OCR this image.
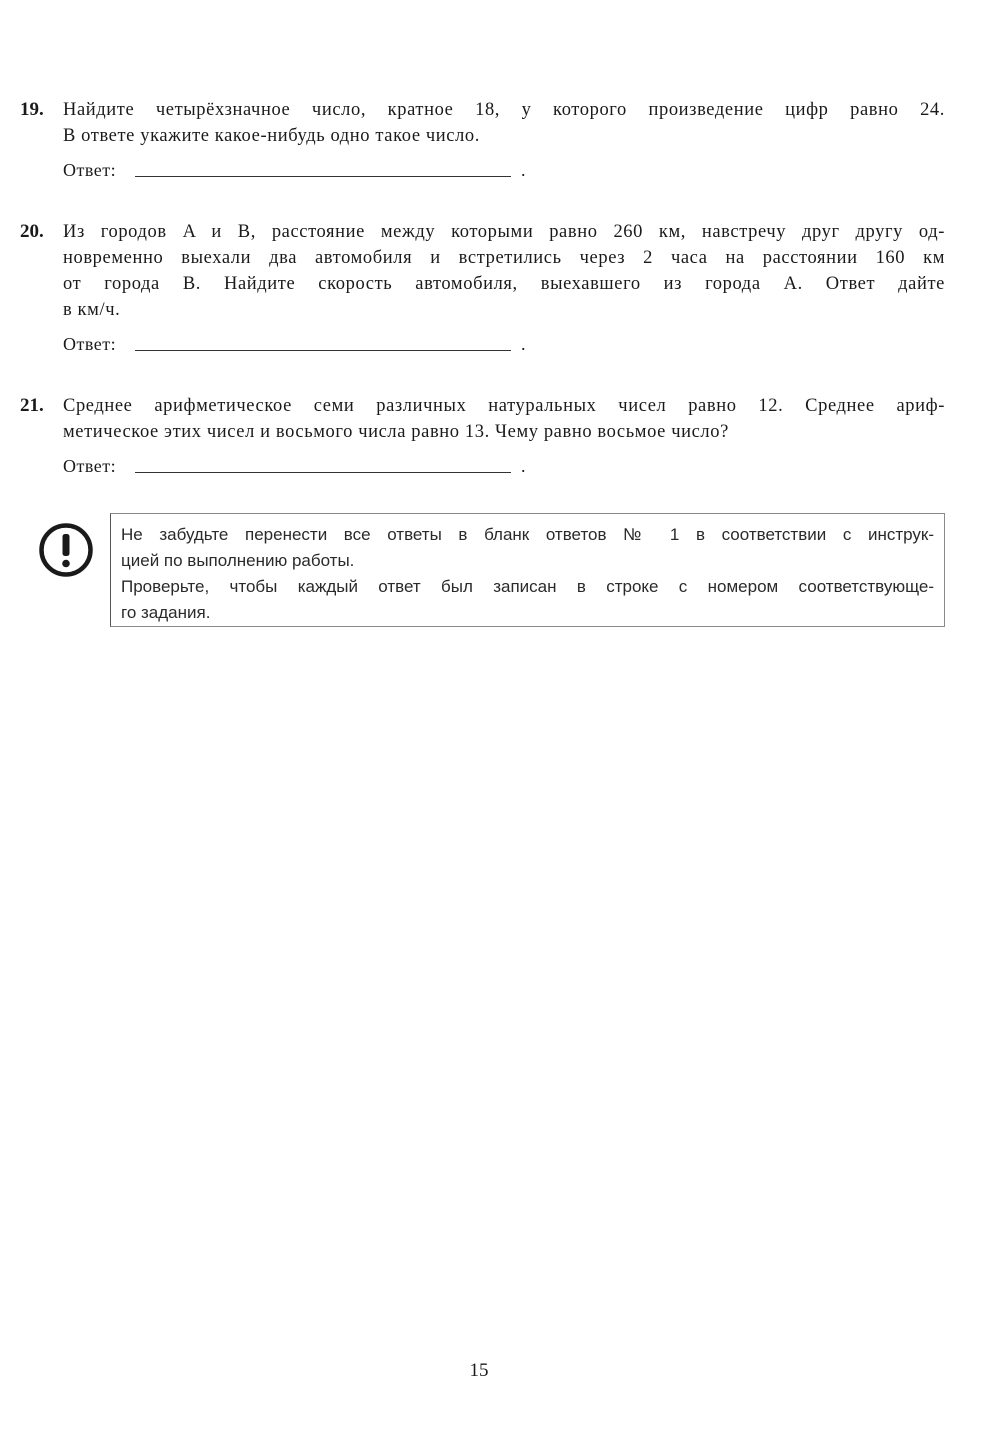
19. Найдите четырёхзначное число, кратное 18, у которого произведение цифр равно 24.
В ответе укажите какое-нибудь одно такое число.
Ответ:	.
20. Из городов A и B, расстояние между которыми равно 260 км, навстречу друг другу од-
новременно выехали два автомобиля и встретились через 2 часа на расстоянии 160 км
от города B. Найдите скорость автомобиля, выехавшего из города A. Ответ дайте
в км/ч.
Ответ:	.
21. Среднее арифметическое семи различных натуральных чисел равно 12. Среднее ариф-
метическое этих чисел и восьмого числа равно 13. Чему равно восьмое число?
Ответ:	.
Не забудьте перенести все ответы в бланк ответов № 1 в соответствии с инструк-
цией по выполнению работы.
Проверьте, чтобы каждый ответ был записан в строке с номером соответствующе-
го задания.
15
